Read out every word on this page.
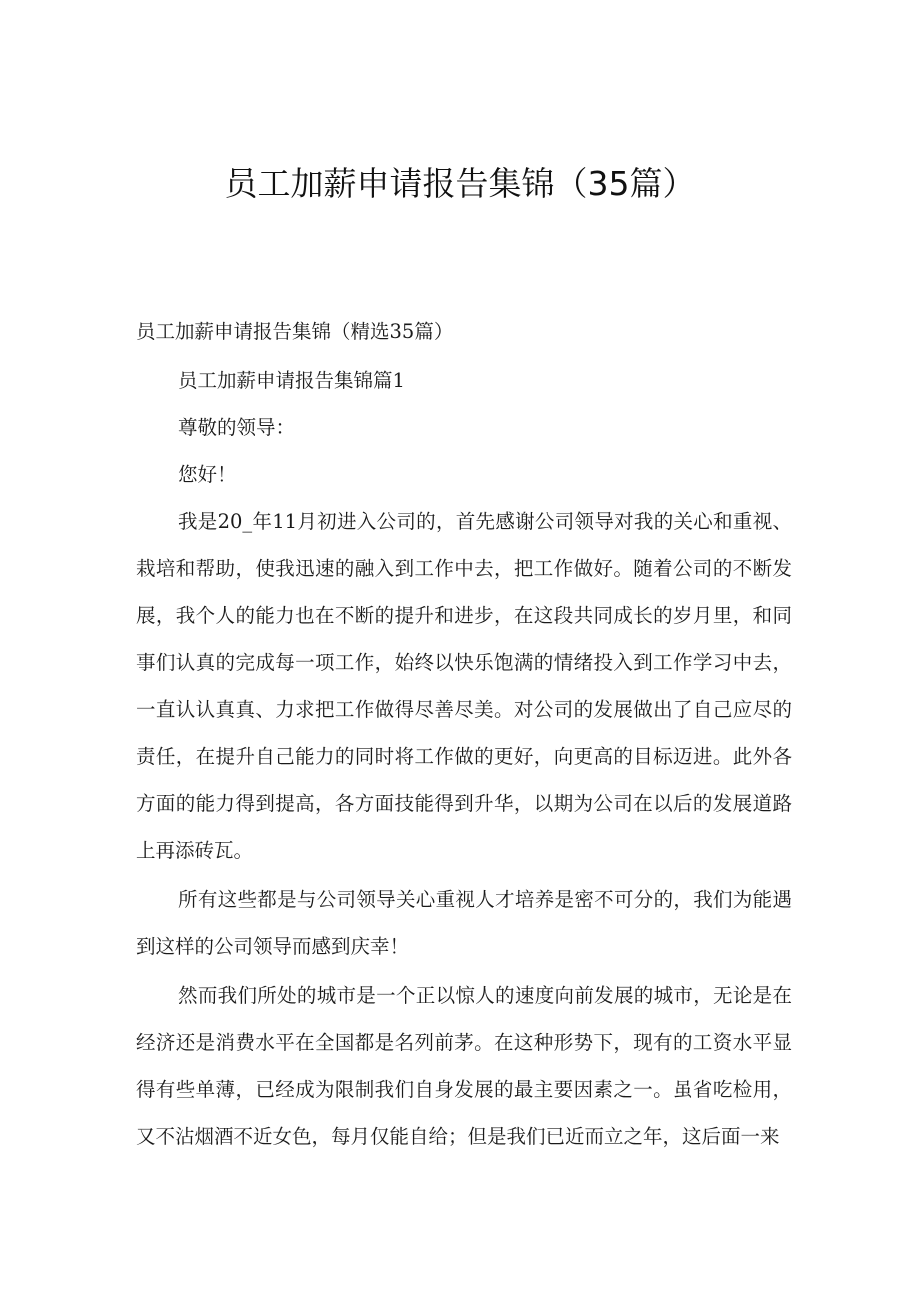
员工加薪申请报告集锦（35篇）

员工加薪申请报告集锦（精选35篇）

员工加薪申请报告集锦篇1

尊敬的领导：

您好！

我是20_年11月初进入公司的，首先感谢公司领导对我的关心和重视、栽培和帮助，使我迅速的融入到工作中去，把工作做好。随着公司的不断发展，我个人的能力也在不断的提升和进步，在这段共同成长的岁月里，和同事们认真的完成每一项工作，始终以快乐饱满的情绪投入到工作学习中去，一直认认真真、力求把工作做得尽善尽美。对公司的发展做出了自己应尽的责任，在提升自己能力的同时将工作做的更好，向更高的目标迈进。此外各方面的能力得到提高，各方面技能得到升华，以期为公司在以后的发展道路上再添砖瓦。

所有这些都是与公司领导关心重视人才培养是密不可分的，我们为能遇到这样的公司领导而感到庆幸！

然而我们所处的城市是一个正以惊人的速度向前发展的城市，无论是在经济还是消费水平在全国都是名列前茅。在这种形势下，现有的工资水平显得有些单薄，已经成为限制我们自身发展的最主要因素之一。虽省吃检用，又不沾烟酒不近女色，每月仅能自给；但是我们已近而立之年，这后面一来
